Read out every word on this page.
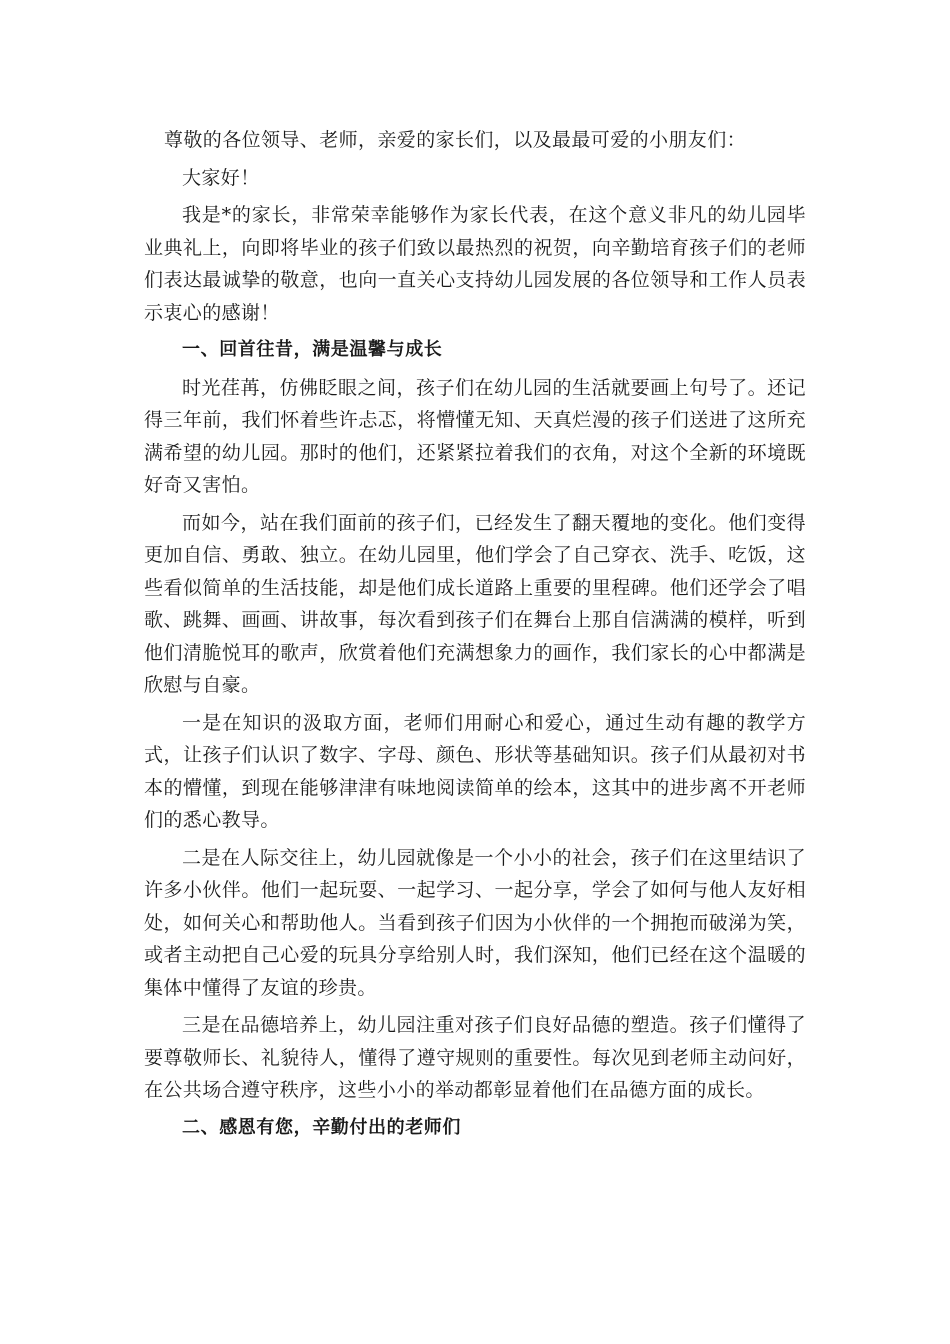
尊敬的各位领导、老师，亲爱的家长们，以及最最可爱的小朋友们：

大家好！

我是*的家长，非常荣幸能够作为家长代表，在这个意义非凡的幼儿园毕业典礼上，向即将毕业的孩子们致以最热烈的祝贺，向辛勤培育孩子们的老师们表达最诚挚的敬意，也向一直关心支持幼儿园发展的各位领导和工作人员表示衷心的感谢！

一、回首往昔，满是温馨与成长

时光荏苒，仿佛眨眼之间，孩子们在幼儿园的生活就要画上句号了。还记得三年前，我们怀着些许忐忑，将懵懂无知、天真烂漫的孩子们送进了这所充满希望的幼儿园。那时的他们，还紧紧拉着我们的衣角，对这个全新的环境既好奇又害怕。

而如今，站在我们面前的孩子们，已经发生了翻天覆地的变化。他们变得更加自信、勇敢、独立。在幼儿园里，他们学会了自己穿衣、洗手、吃饭，这些看似简单的生活技能，却是他们成长道路上重要的里程碑。他们还学会了唱歌、跳舞、画画、讲故事，每次看到孩子们在舞台上那自信满满的模样，听到他们清脆悦耳的歌声，欣赏着他们充满想象力的画作，我们家长的心中都满是欣慰与自豪。

一是在知识的汲取方面，老师们用耐心和爱心，通过生动有趣的教学方式，让孩子们认识了数字、字母、颜色、形状等基础知识。孩子们从最初对书本的懵懂，到现在能够津津有味地阅读简单的绘本，这其中的进步离不开老师们的悉心教导。

二是在人际交往上，幼儿园就像是一个小小的社会，孩子们在这里结识了许多小伙伴。他们一起玩耍、一起学习、一起分享，学会了如何与他人友好相处，如何关心和帮助他人。当看到孩子们因为小伙伴的一个拥抱而破涕为笑，或者主动把自己心爱的玩具分享给别人时，我们深知，他们已经在这个温暖的集体中懂得了友谊的珍贵。

三是在品德培养上，幼儿园注重对孩子们良好品德的塑造。孩子们懂得了要尊敬师长、礼貌待人，懂得了遵守规则的重要性。每次见到老师主动问好，在公共场合遵守秩序，这些小小的举动都彰显着他们在品德方面的成长。

二、感恩有您，辛勤付出的老师们
